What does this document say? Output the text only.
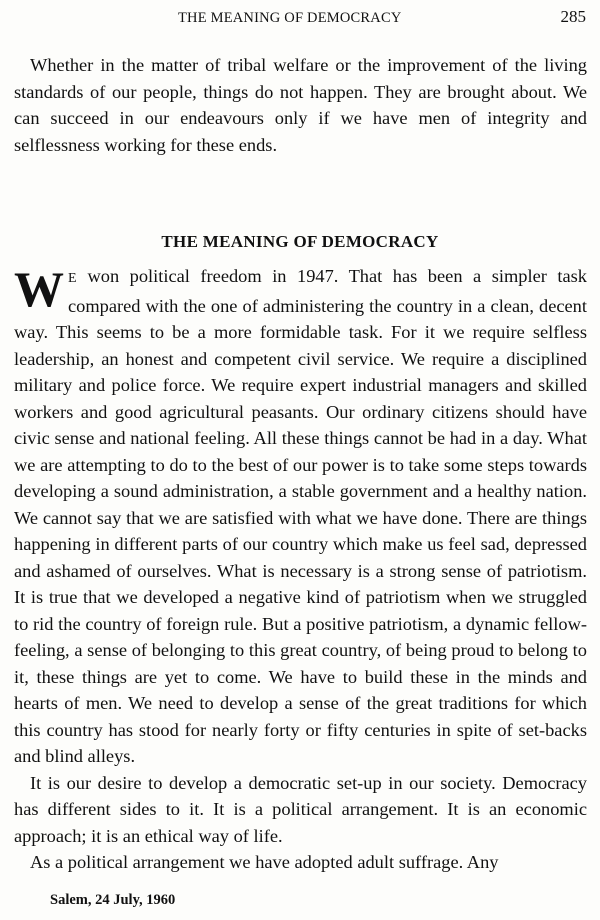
THE MEANING OF DEMOCRACY	285

Whether in the matter of tribal welfare or the improvement of the living standards of our people, things do not happen. They are brought about. We can succeed in our endeavours only if we have men of integrity and selflessness working for these ends.

THE MEANING OF DEMOCRACY

W E won political freedom in 1947. That has been a simpler task compared with the one of administering the country in a clean, decent way. This seems to be a more formidable task. For it we require selfless leadership, an honest and competent civil service. We require a disciplined military and police force. We require expert industrial managers and skilled workers and good agricultural peasants. Our ordinary citizens should have civic sense and national feeling. All these things cannot be had in a day. What we are attempting to do to the best of our power is to take some steps towards developing a sound administration, a stable government and a healthy nation. We cannot say that we are satisfied with what we have done. There are things happening in different parts of our country which make us feel sad, depressed and ashamed of ourselves. What is necessary is a strong sense of patriotism. It is true that we developed a negative kind of patriotism when we struggled to rid the country of foreign rule. But a positive patriotism, a dynamic fellow-feeling, a sense of belonging to this great country, of being proud to belong to it, these things are yet to come. We have to build these in the minds and hearts of men. We need to develop a sense of the great traditions for which this country has stood for nearly forty or fifty centuries in spite of set-backs and blind alleys.

It is our desire to develop a democratic set-up in our society. Democracy has different sides to it. It is a political arrangement. It is an economic approach; it is an ethical way of life.

As a political arrangement we have adopted adult suffrage. Any

Salem, 24 July, 1960
